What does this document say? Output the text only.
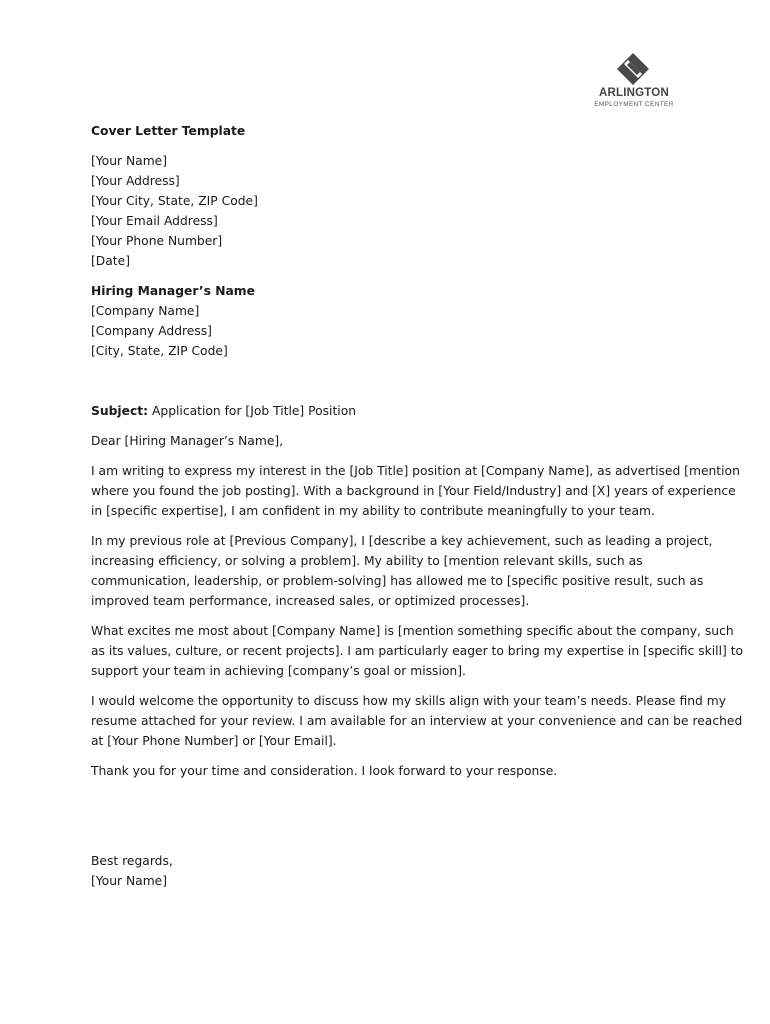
ARLINGTON
EMPLOYMENT CENTER

Cover Letter Template

[Your Name]
[Your Address]
[Your City, State, ZIP Code]
[Your Email Address]
[Your Phone Number]
[Date]

Hiring Manager’s Name
[Company Name]
[Company Address]
[City, State, ZIP Code]

Subject: Application for [Job Title] Position

Dear [Hiring Manager’s Name],

I am writing to express my interest in the [Job Title] position at [Company Name], as advertised [mention
where you found the job posting]. With a background in [Your Field/Industry] and [X] years of experience
in [specific expertise], I am confident in my ability to contribute meaningfully to your team.

In my previous role at [Previous Company], I [describe a key achievement, such as leading a project,
increasing efficiency, or solving a problem]. My ability to [mention relevant skills, such as
communication, leadership, or problem-solving] has allowed me to [specific positive result, such as
improved team performance, increased sales, or optimized processes].

What excites me most about [Company Name] is [mention something specific about the company, such
as its values, culture, or recent projects]. I am particularly eager to bring my expertise in [specific skill] to
support your team in achieving [company’s goal or mission].

I would welcome the opportunity to discuss how my skills align with your team’s needs. Please find my
resume attached for your review. I am available for an interview at your convenience and can be reached
at [Your Phone Number] or [Your Email].

Thank you for your time and consideration. I look forward to your response.

Best regards,
[Your Name]
